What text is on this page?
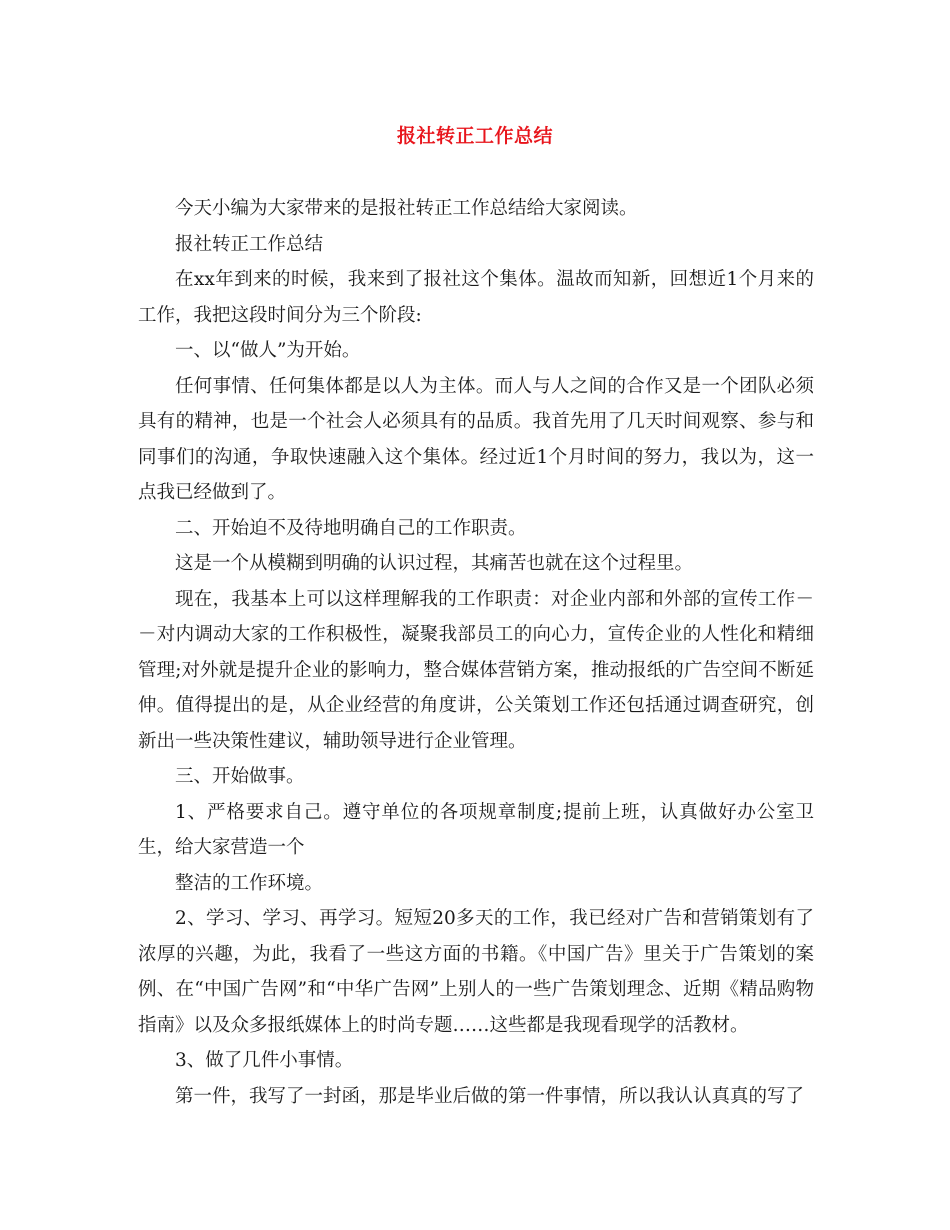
报社转正工作总结

今天小编为大家带来的是报社转正工作总结给大家阅读。

报社转正工作总结

在xx年到来的时候，我来到了报社这个集体。温故而知新，回想近1个月来的工作，我把这段时间分为三个阶段:

一、以“做人”为开始。

任何事情、任何集体都是以人为主体。而人与人之间的合作又是一个团队必须具有的精神，也是一个社会人必须具有的品质。我首先用了几天时间观察、参与和同事们的沟通，争取快速融入这个集体。经过近1个月时间的努力，我以为，这一点我已经做到了。

二、开始迫不及待地明确自己的工作职责。

这是一个从模糊到明确的认识过程，其痛苦也就在这个过程里。

现在，我基本上可以这样理解我的工作职责：对企业内部和外部的宣传工作－－对内调动大家的工作积极性，凝聚我部员工的向心力，宣传企业的人性化和精细管理;对外就是提升企业的影响力，整合媒体营销方案，推动报纸的广告空间不断延伸。值得提出的是，从企业经营的角度讲，公关策划工作还包括通过调查研究，创新出一些决策性建议，辅助领导进行企业管理。

三、开始做事。

1、严格要求自己。遵守单位的各项规章制度;提前上班，认真做好办公室卫生，给大家营造一个

整洁的工作环境。

2、学习、学习、再学习。短短20多天的工作，我已经对广告和营销策划有了浓厚的兴趣，为此，我看了一些这方面的书籍。《中国广告》里关于广告策划的案例、在“中国广告网”和“中华广告网”上别人的一些广告策划理念、近期《精品购物指南》以及众多报纸媒体上的时尚专题……这些都是我现看现学的活教材。

3、做了几件小事情。

第一件，我写了一封函，那是毕业后做的第一件事情，所以我认认真真的写了
